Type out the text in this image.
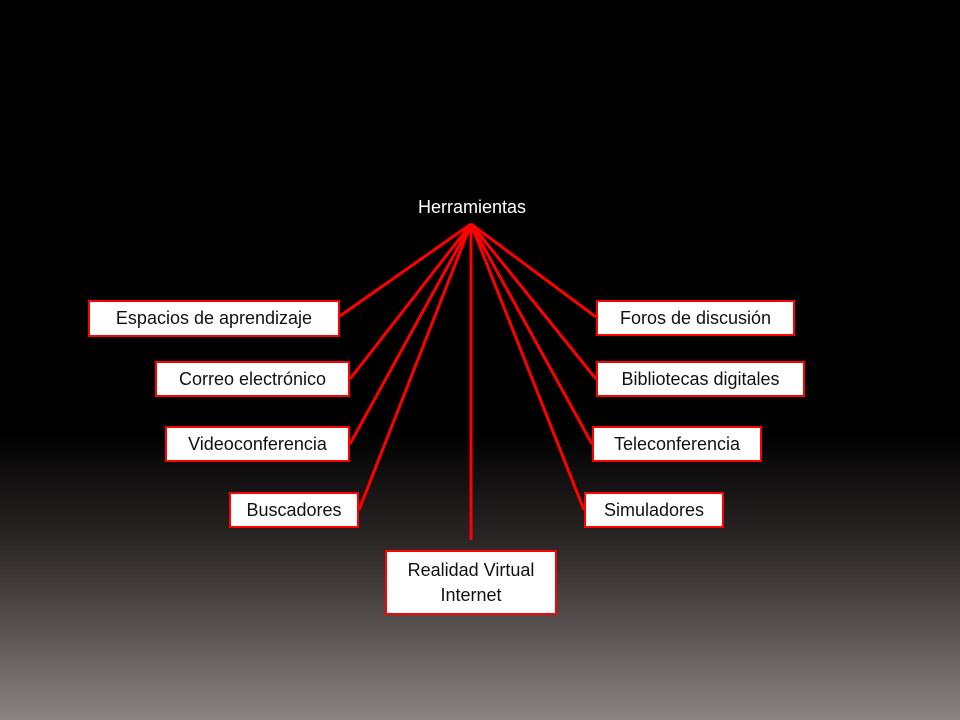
Herramientas
Espacios de aprendizaje
Correo electrónico
Videoconferencia
Buscadores
Foros de discusión
Bibliotecas digitales
Teleconferencia
Simuladores
Realidad Virtual
Internet
